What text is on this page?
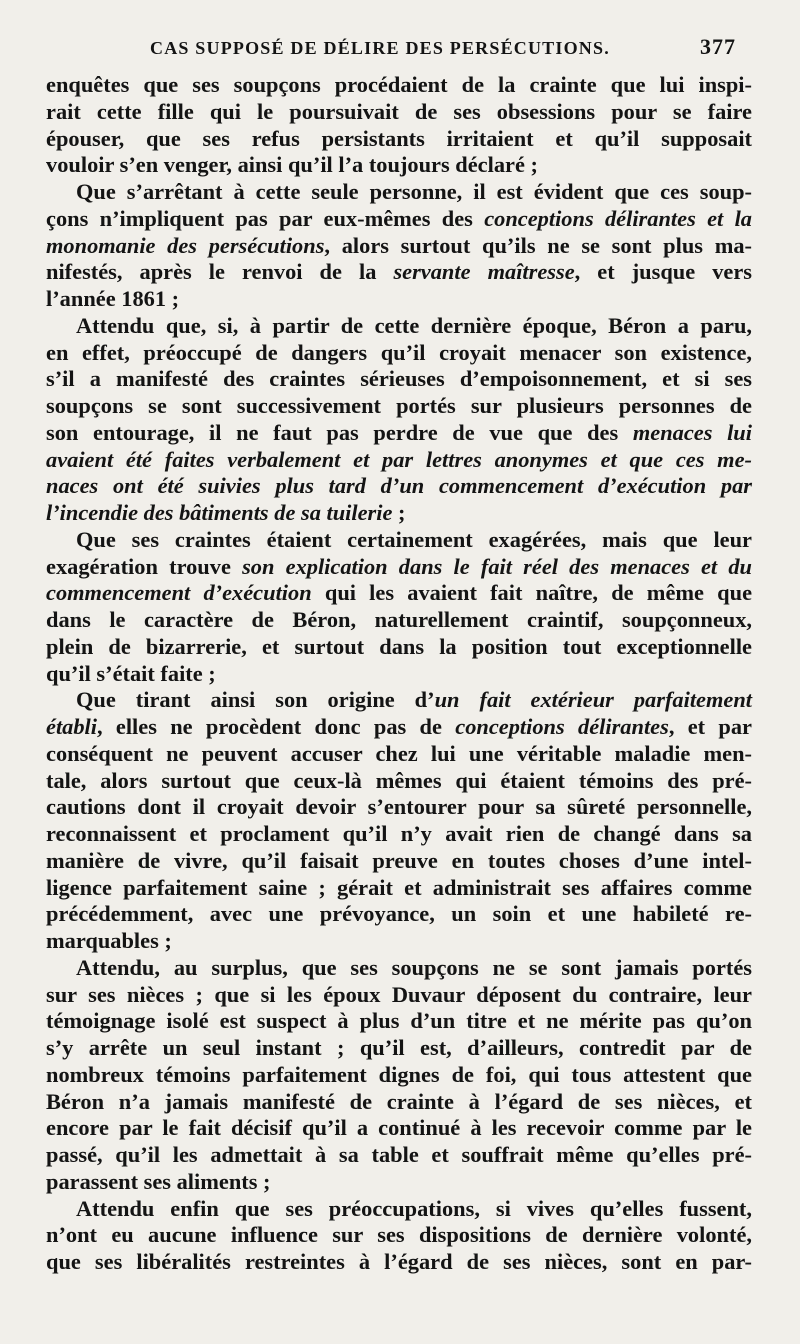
CAS SUPPOSÉ DE DÉLIRE DES PERSÉCUTIONS.	377
enquêtes que ses soupçons procédaient de la crainte que lui inspi-
rait cette fille qui le poursuivait de ses obsessions pour se faire
épouser, que ses refus persistants irritaient et qu’il supposait
vouloir s’en venger, ainsi qu’il l’a toujours déclaré ;
Que s’arrêtant à cette seule personne, il est évident que ces soup-
çons n’impliquent pas par eux-mêmes des conceptions délirantes et la
monomanie des persécutions, alors surtout qu’ils ne se sont plus ma-
nifestés, après le renvoi de la servante maîtresse, et jusque vers
l’année 1861 ;
Attendu que, si, à partir de cette dernière époque, Béron a paru,
en effet, préoccupé de dangers qu’il croyait menacer son existence,
s’il a manifesté des craintes sérieuses d’empoisonnement, et si ses
soupçons se sont successivement portés sur plusieurs personnes de
son entourage, il ne faut pas perdre de vue que des menaces lui
avaient été faites verbalement et par lettres anonymes et que ces me-
naces ont été suivies plus tard d’un commencement d’exécution par
l’incendie des bâtiments de sa tuilerie ;
Que ses craintes étaient certainement exagérées, mais que leur
exagération trouve son explication dans le fait réel des menaces et du
commencement d’exécution qui les avaient fait naître, de même que
dans le caractère de Béron, naturellement craintif, soupçonneux,
plein de bizarrerie, et surtout dans la position tout exceptionnelle
qu’il s’était faite ;
Que tirant ainsi son origine d’un fait extérieur parfaitement
établi, elles ne procèdent donc pas de conceptions délirantes, et par
conséquent ne peuvent accuser chez lui une véritable maladie men-
tale, alors surtout que ceux-là mêmes qui étaient témoins des pré-
cautions dont il croyait devoir s’entourer pour sa sûreté personnelle,
reconnaissent et proclament qu’il n’y avait rien de changé dans sa
manière de vivre, qu’il faisait preuve en toutes choses d’une intel-
ligence parfaitement saine ; gérait et administrait ses affaires comme
précédemment, avec une prévoyance, un soin et une habileté re-
marquables ;
Attendu, au surplus, que ses soupçons ne se sont jamais portés
sur ses nièces ; que si les époux Duvaur déposent du contraire, leur
témoignage isolé est suspect à plus d’un titre et ne mérite pas qu’on
s’y arrête un seul instant ; qu’il est, d’ailleurs, contredit par de
nombreux témoins parfaitement dignes de foi, qui tous attestent que
Béron n’a jamais manifesté de crainte à l’égard de ses nièces, et
encore par le fait décisif qu’il a continué à les recevoir comme par le
passé, qu’il les admettait à sa table et souffrait même qu’elles pré-
parassent ses aliments ;
Attendu enfin que ses préoccupations, si vives qu’elles fussent,
n’ont eu aucune influence sur ses dispositions de dernière volonté,
que ses libéralités restreintes à l’égard de ses nièces, sont en par-
